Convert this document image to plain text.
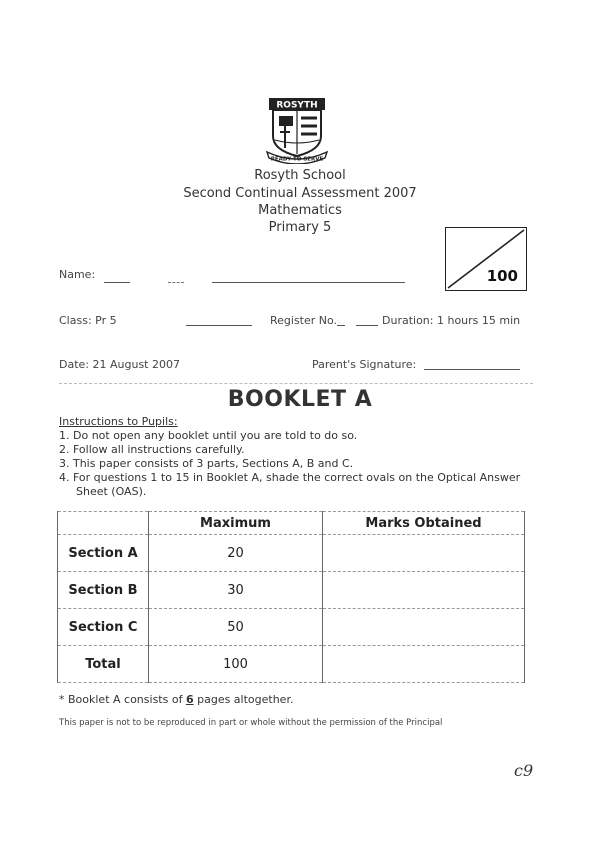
ROSYTH
READY TO SERVE
Rosyth School
Second Continual Assessment 2007
Mathematics
Primary 5
100
Name:
Class: Pr 5	Register No.	Duration: 1 hours 15 min
Date: 21 August 2007	Parent's Signature:
BOOKLET A
Instructions to Pupils:
1. Do not open any booklet until you are told to do so.
2. Follow all instructions carefully.
3. This paper consists of 3 parts, Sections A, B and C.
4. For questions 1 to 15 in Booklet A, shade the correct ovals on the Optical Answer
Sheet (OAS).
	Maximum	Marks Obtained
Section A	20	
Section B	30	
Section C	50	
Total	100	
* Booklet A consists of 6 pages altogether.
This paper is not to be reproduced in part or whole without the permission of the Principal
c9
